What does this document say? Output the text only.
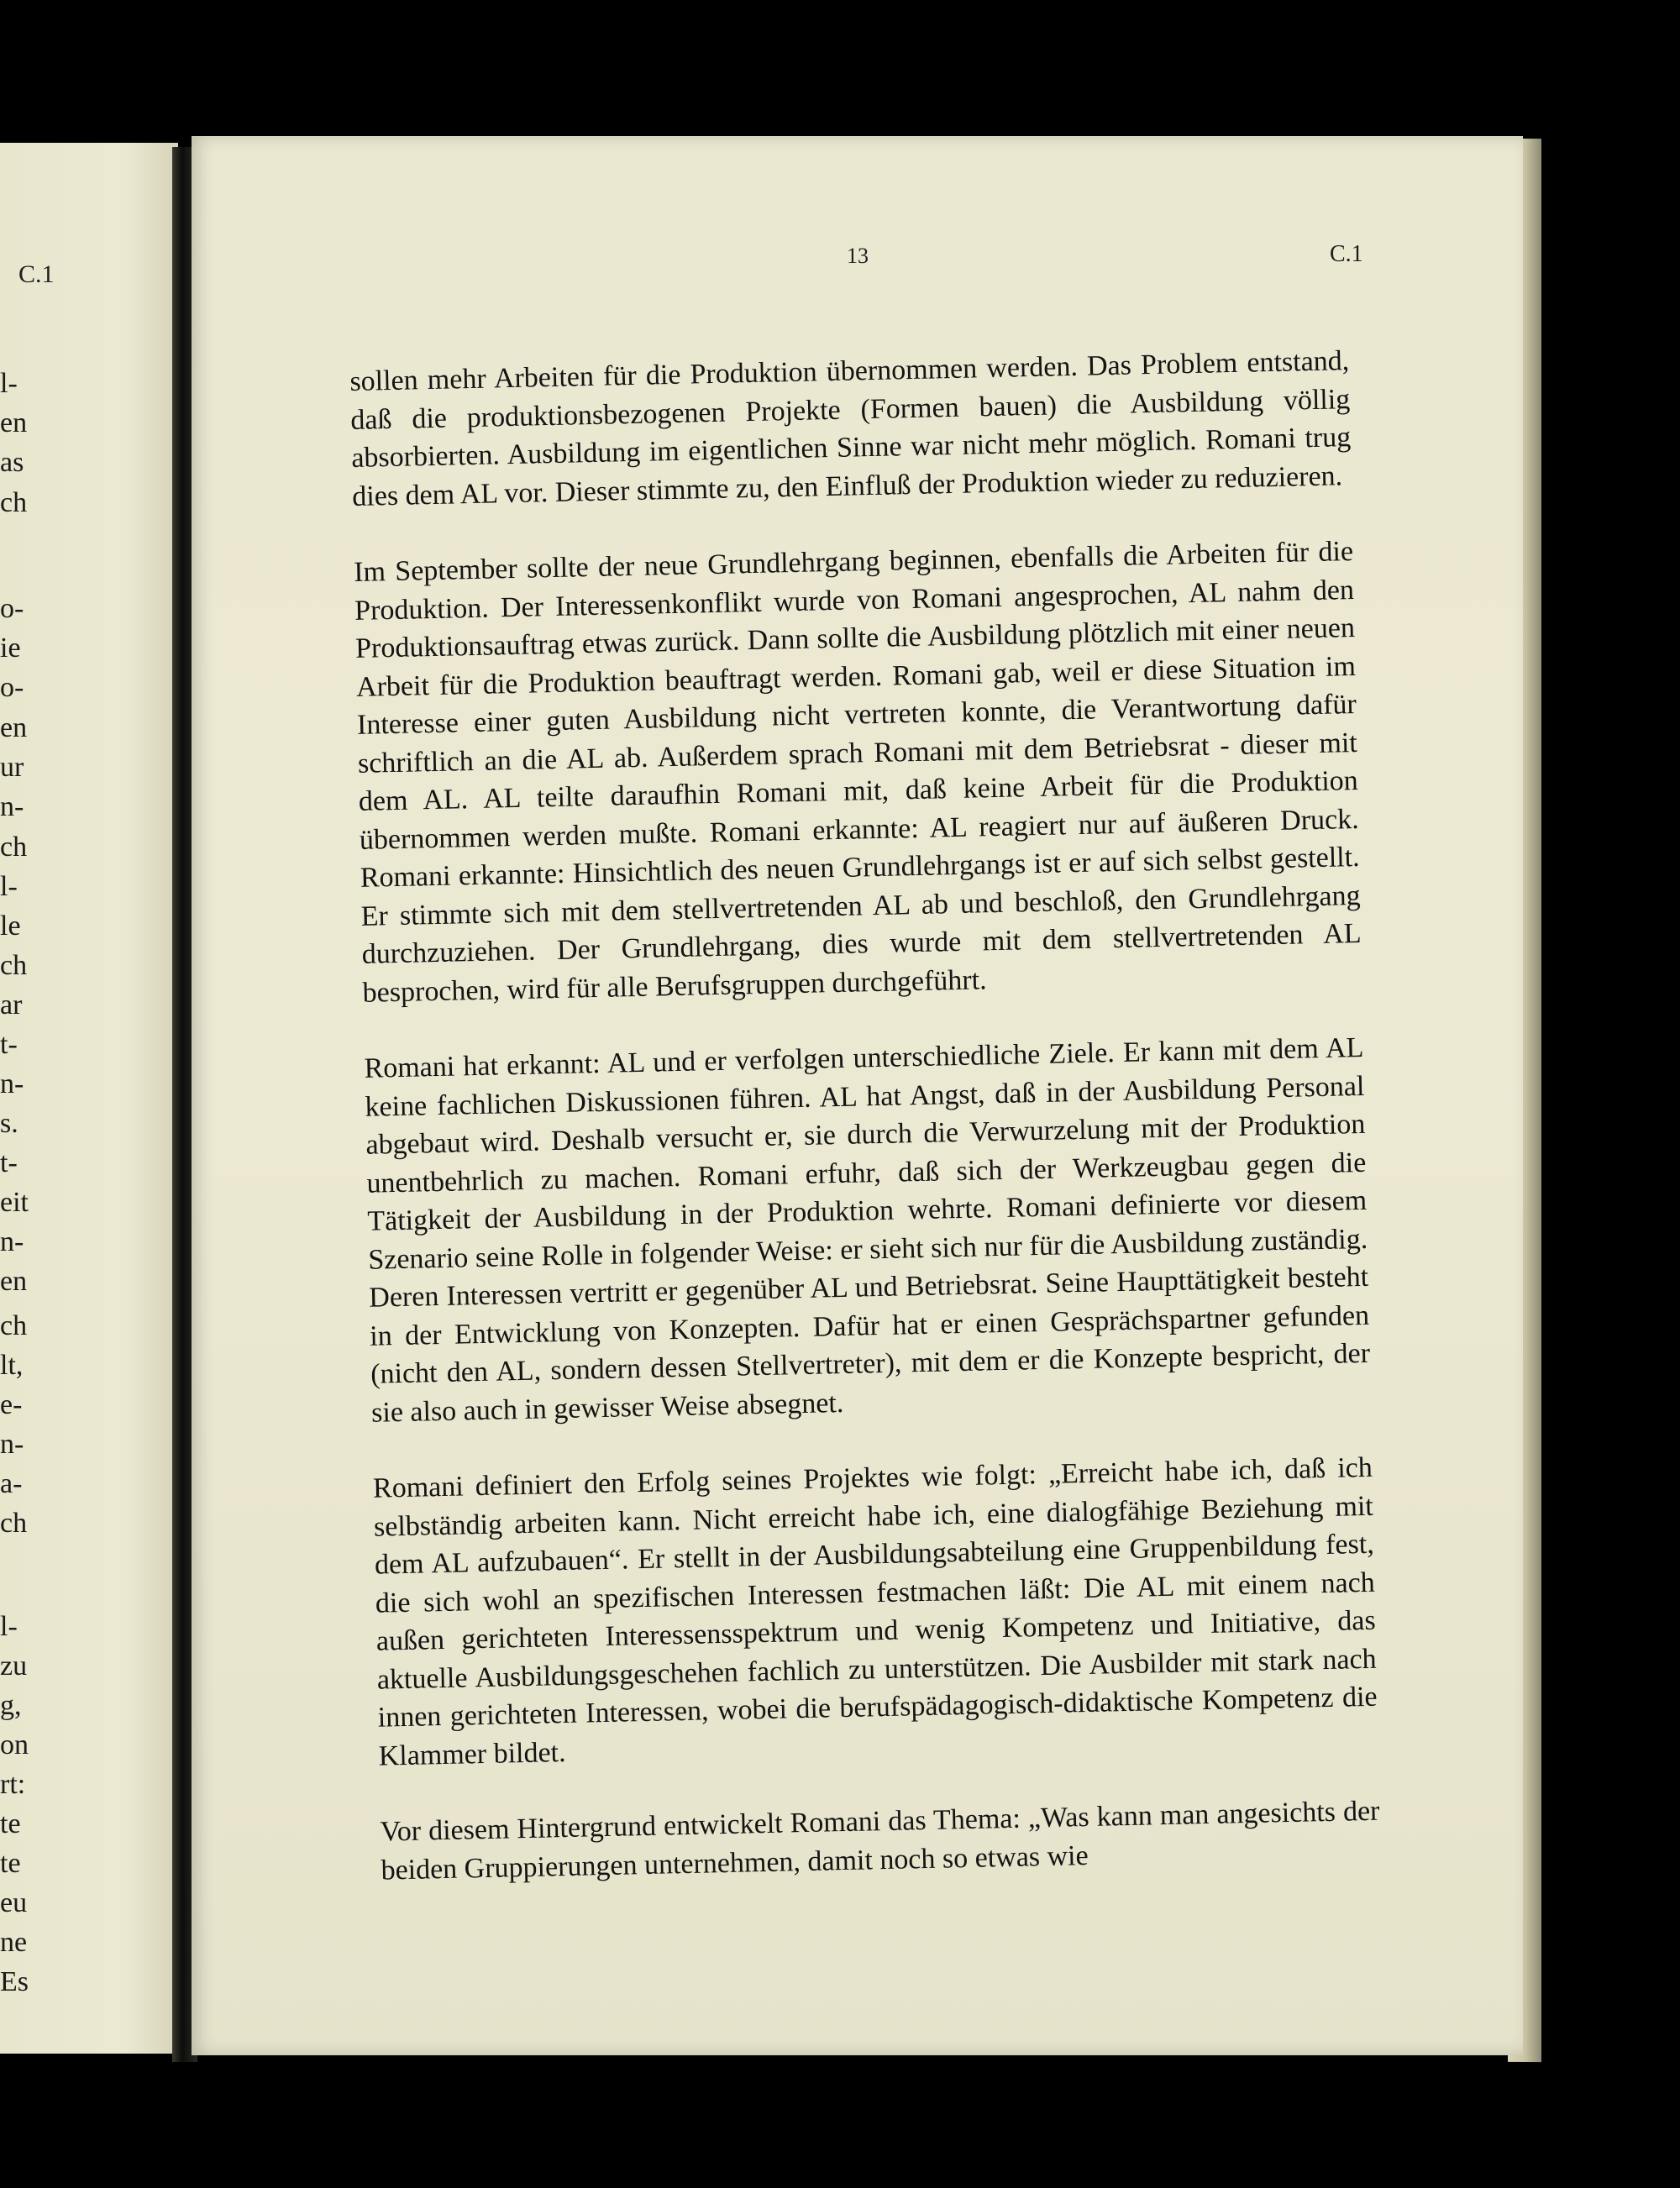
C.1
l-
en
as
ch
o-
ie
o-
en
ur
n-
ch
l-
le
ch
ar
t-
n-
s.
t-
eit
n-
en
ch
lt,
e-
n-
a-
ch
l-
zu
g,
on
rt:
te
te
eu
ne
Es
13	C.1

sollen mehr Arbeiten für die Produktion übernommen werden. Das Problem entstand, daß die produktionsbezogenen Projekte (Formen bauen) die Ausbildung völlig absorbierten. Ausbildung im eigentlichen Sinne war nicht mehr möglich. Romani trug dies dem AL vor. Dieser stimmte zu, den Einfluß der Produktion wieder zu reduzieren.

Im September sollte der neue Grundlehrgang beginnen, ebenfalls die Arbeiten für die Produktion. Der Interessenkonflikt wurde von Romani angesprochen, AL nahm den Produktionsauftrag etwas zurück. Dann sollte die Ausbildung plötzlich mit einer neuen Arbeit für die Produktion beauftragt werden. Romani gab, weil er diese Situation im Interesse einer guten Ausbildung nicht vertreten konnte, die Verantwortung dafür schriftlich an die AL ab. Außerdem sprach Romani mit dem Betriebsrat - dieser mit dem AL. AL teilte daraufhin Romani mit, daß keine Arbeit für die Produktion übernommen werden mußte. Romani erkannte: AL reagiert nur auf äußeren Druck. Romani erkannte: Hinsichtlich des neuen Grundlehrgangs ist er auf sich selbst gestellt. Er stimmte sich mit dem stellvertretenden AL ab und beschloß, den Grundlehrgang durchzuziehen. Der Grundlehrgang, dies wurde mit dem stellvertretenden AL besprochen, wird für alle Berufsgruppen durchgeführt.

Romani hat erkannt: AL und er verfolgen unterschiedliche Ziele. Er kann mit dem AL keine fachlichen Diskussionen führen. AL hat Angst, daß in der Ausbildung Personal abgebaut wird. Deshalb versucht er, sie durch die Verwurzelung mit der Produktion unentbehrlich zu machen. Romani erfuhr, daß sich der Werkzeugbau gegen die Tätigkeit der Ausbildung in der Produktion wehrte. Romani definierte vor diesem Szenario seine Rolle in folgender Weise: er sieht sich nur für die Ausbildung zuständig. Deren Interessen vertritt er gegenüber AL und Betriebsrat. Seine Haupttätigkeit besteht in der Entwicklung von Konzepten. Dafür hat er einen Gesprächspartner gefunden (nicht den AL, sondern dessen Stellvertreter), mit dem er die Konzepte bespricht, der sie also auch in gewisser Weise absegnet.

Romani definiert den Erfolg seines Projektes wie folgt: „Erreicht habe ich, daß ich selbständig arbeiten kann. Nicht erreicht habe ich, eine dialogfähige Beziehung mit dem AL aufzubauen“. Er stellt in der Ausbildungsabteilung eine Gruppenbildung fest, die sich wohl an spezifischen Interessen festmachen läßt: Die AL mit einem nach außen gerichteten Interessensspektrum und wenig Kompetenz und Initiative, das aktuelle Ausbildungsgeschehen fachlich zu unterstützen. Die Ausbilder mit stark nach innen gerichteten Interessen, wobei die berufspädagogisch-didaktische Kompetenz die Klammer bildet.

Vor diesem Hintergrund entwickelt Romani das Thema: „Was kann man angesichts der beiden Gruppierungen unternehmen, damit noch so etwas wie
